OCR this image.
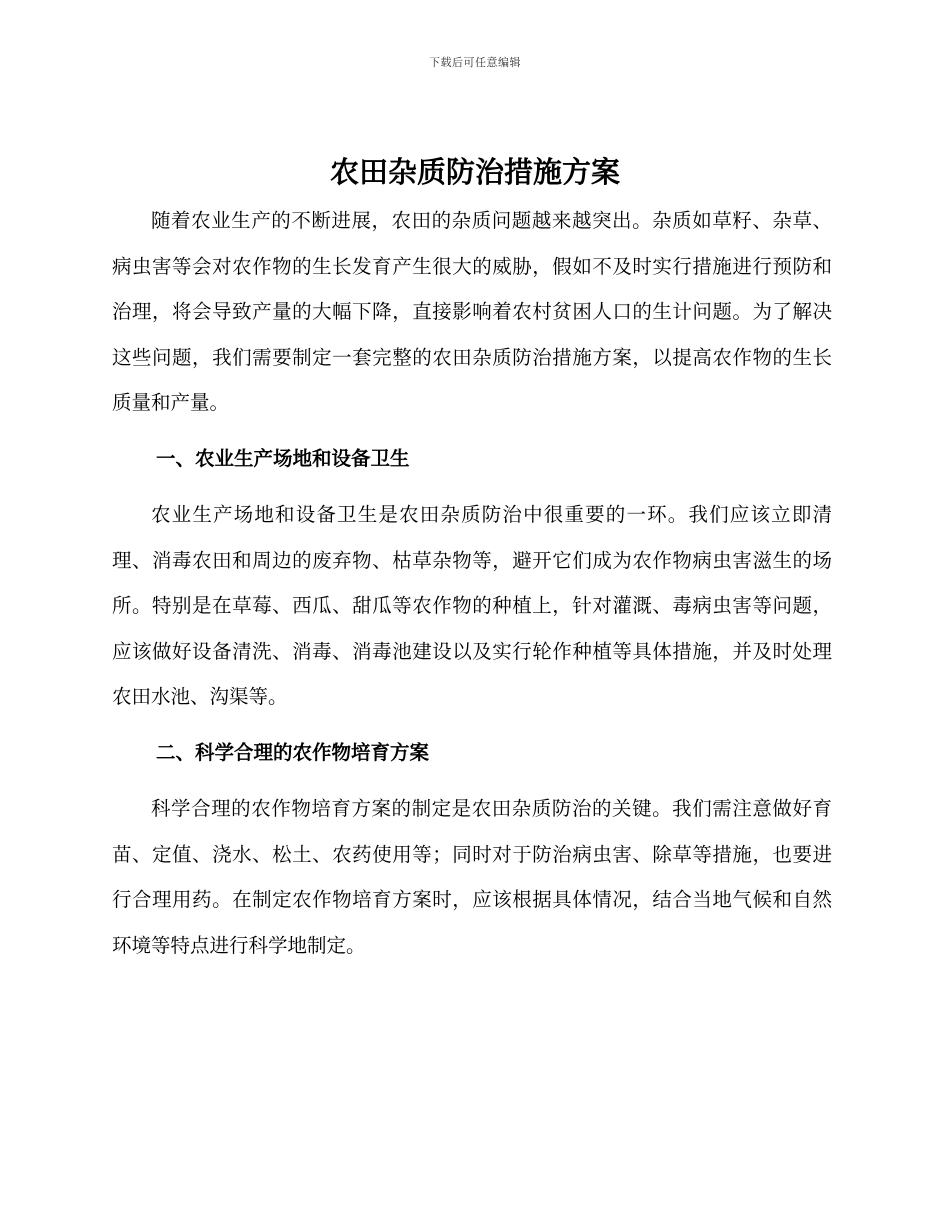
下载后可任意编辑
农田杂质防治措施方案

随着农业生产的不断进展，农田的杂质问题越来越突出。杂质如草籽、杂草、病虫害等会对农作物的生长发育产生很大的威胁，假如不及时实行措施进行预防和治理，将会导致产量的大幅下降，直接影响着农村贫困人口的生计问题。为了解决这些问题，我们需要制定一套完整的农田杂质防治措施方案，以提高农作物的生长质量和产量。

一、农业生产场地和设备卫生

农业生产场地和设备卫生是农田杂质防治中很重要的一环。我们应该立即清理、消毒农田和周边的废弃物、枯草杂物等，避开它们成为农作物病虫害滋生的场所。特别是在草莓、西瓜、甜瓜等农作物的种植上，针对灌溉、毒病虫害等问题，应该做好设备清洗、消毒、消毒池建设以及实行轮作种植等具体措施，并及时处理农田水池、沟渠等。

二、科学合理的农作物培育方案

科学合理的农作物培育方案的制定是农田杂质防治的关键。我们需注意做好育苗、定值、浇水、松土、农药使用等；同时对于防治病虫害、除草等措施，也要进行合理用药。在制定农作物培育方案时，应该根据具体情况，结合当地气候和自然环境等特点进行科学地制定。
